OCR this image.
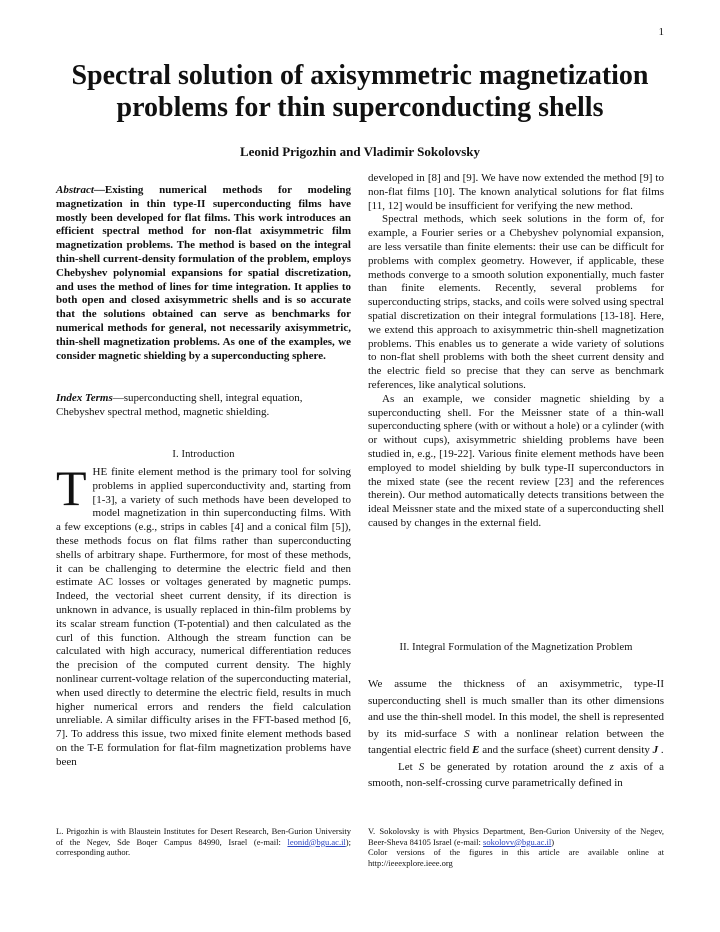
1
Spectral solution of axisymmetric magnetization problems for thin superconducting shells
Leonid Prigozhin and Vladimir Sokolovsky

Abstract—Existing numerical methods for modeling magnetization in thin type-II superconducting films have mostly been developed for flat films. This work introduces an efficient spectral method for non-flat axisymmetric film magnetization problems. The method is based on the integral thin-shell current-density formulation of the problem, employs Chebyshev polynomial expansions for spatial discretization, and uses the method of lines for time integration. It applies to both open and closed axisymmetric shells and is so accurate that the solutions obtained can serve as benchmarks for numerical methods for general, not necessarily axisymmetric, thin-shell magnetization problems. As one of the examples, we consider magnetic shielding by a superconducting sphere.

Index Terms—superconducting shell, integral equation, Chebyshev spectral method, magnetic shielding.

I. Introduction

THE finite element method is the primary tool for solving problems in applied superconductivity and, starting from [1-3], a variety of such methods have been developed to model magnetization in thin superconducting films. With a few exceptions (e.g., strips in cables [4] and a conical film [5]), these methods focus on flat films rather than superconducting shells of arbitrary shape. Furthermore, for most of these methods, it can be challenging to determine the electric field and then estimate AC losses or voltages generated by magnetic pumps. Indeed, the vectorial sheet current density, if its direction is unknown in advance, is usually replaced in thin-film problems by its scalar stream function (T-potential) and then calculated as the curl of this function. Although the stream function can be calculated with high accuracy, numerical differentiation reduces the precision of the computed current density. The highly nonlinear current-voltage relation of the superconducting material, when used directly to determine the electric field, results in much higher numerical errors and renders the field calculation unreliable. A similar difficulty arises in the FFT-based method [6, 7]. To address this issue, two mixed finite element methods based on the T-E formulation for flat-film magnetization problems have been

developed in [8] and [9]. We have now extended the method [9] to non-flat films [10]. The known analytical solutions for flat films [11, 12] would be insufficient for verifying the new method.

Spectral methods, which seek solutions in the form of, for example, a Fourier series or a Chebyshev polynomial expansion, are less versatile than finite elements: their use can be difficult for problems with complex geometry. However, if applicable, these methods converge to a smooth solution exponentially, much faster than finite elements. Recently, several problems for superconducting strips, stacks, and coils were solved using spectral spatial discretization on their integral formulations [13-18]. Here, we extend this approach to axisymmetric thin-shell magnetization problems. This enables us to generate a wide variety of solutions to non-flat shell problems with both the sheet current density and the electric field so precise that they can serve as benchmark references, like analytical solutions.

As an example, we consider magnetic shielding by a superconducting shell. For the Meissner state of a thin-wall superconducting sphere (with or without a hole) or a cylinder (with or without cups), axisymmetric shielding problems have been studied in, e.g., [19-22]. Various finite element methods have been employed to model shielding by bulk type-II superconductors in the mixed state (see the recent review [23] and the references therein). Our method automatically detects transitions between the ideal Meissner state and the mixed state of a superconducting shell caused by changes in the external field.

II. Integral Formulation of the Magnetization Problem

We assume the thickness of an axisymmetric, type-II superconducting shell is much smaller than its other dimensions and use the thin-shell model. In this model, the shell is represented by its mid-surface S with a nonlinear relation between the tangential electric field E and the surface (sheet) current density J .

Let S be generated by rotation around the z axis of a smooth, non-self-crossing curve parametrically defined in

L. Prigozhin is with Blaustein Institutes for Desert Research, Ben-Gurion University of the Negev, Sde Boqer Campus 84990, Israel (e-mail: leonid@bgu.ac.il); corresponding author.
V. Sokolovsky is with Physics Department, Ben-Gurion University of the Negev, Beer-Sheva 84105 Israel (e-mail: sokolovv@bgu.ac.il)
Color versions of the figures in this article are available online at http://ieeexplore.ieee.org
